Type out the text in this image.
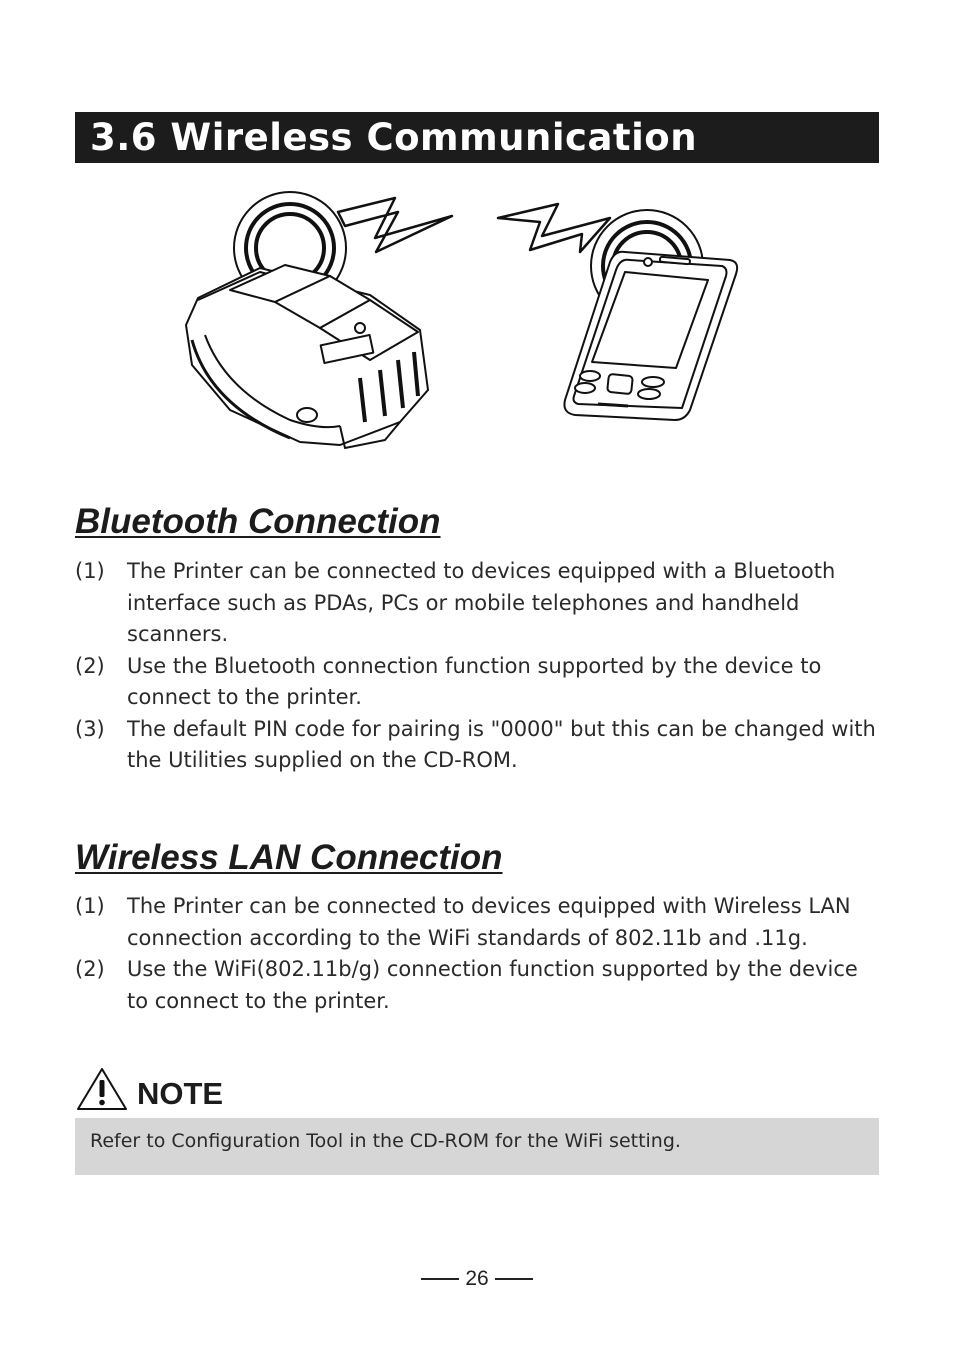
3.6 Wireless Communication
Bluetooth Connection
(1) The Printer can be connected to devices equipped with a Bluetooth interface such as PDAs, PCs or mobile telephones and handheld scanners.
(2) Use the Bluetooth connection function supported by the device to connect to the printer.
(3) The default PIN code for pairing is "0000" but this can be changed with the Utilities supplied on the CD-ROM.
Wireless LAN Connection
(1) The Printer can be connected to devices equipped with Wireless LAN connection according to the WiFi standards of 802.11b and .11g.
(2) Use the WiFi(802.11b/g) connection function supported by the device to connect to the printer.
NOTE
Refer to Configuration Tool in the CD-ROM for the WiFi setting.
26
